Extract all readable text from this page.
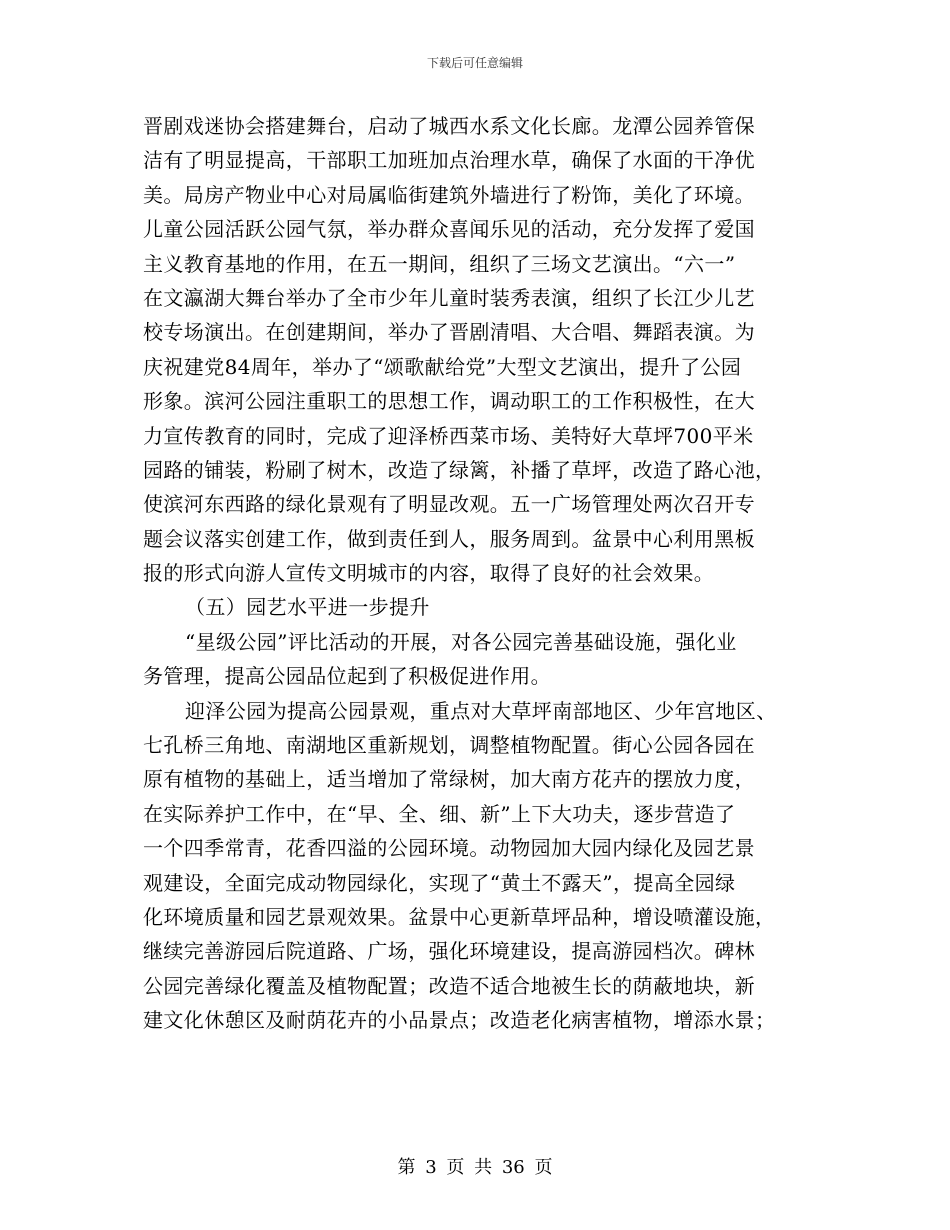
下载后可任意编辑
晋剧戏迷协会搭建舞台，启动了城西水系文化长廊。龙潭公园养管保
洁有了明显提高，干部职工加班加点治理水草，确保了水面的干净优
美。局房产物业中心对局属临街建筑外墙进行了粉饰，美化了环境。
儿童公园活跃公园气氛，举办群众喜闻乐见的活动，充分发挥了爱国
主义教育基地的作用，在五一期间，组织了三场文艺演出。“六一”
在文瀛湖大舞台举办了全市少年儿童时装秀表演，组织了长江少儿艺
校专场演出。在创建期间，举办了晋剧清唱、大合唱、舞蹈表演。为
庆祝建党84周年，举办了“颂歌献给党”大型文艺演出，提升了公园
形象。滨河公园注重职工的思想工作，调动职工的工作积极性，在大
力宣传教育的同时，完成了迎泽桥西菜市场、美特好大草坪700平米
园路的铺装，粉刷了树木，改造了绿篱，补播了草坪，改造了路心池，
使滨河东西路的绿化景观有了明显改观。五一广场管理处两次召开专
题会议落实创建工作，做到责任到人，服务周到。盆景中心利用黑板
报的形式向游人宣传文明城市的内容，取得了良好的社会效果。
（五）园艺水平进一步提升
“星级公园”评比活动的开展，对各公园完善基础设施，强化业
务管理，提高公园品位起到了积极促进作用。
迎泽公园为提高公园景观，重点对大草坪南部地区、少年宫地区、
七孔桥三角地、南湖地区重新规划，调整植物配置。街心公园各园在
原有植物的基础上，适当增加了常绿树，加大南方花卉的摆放力度，
在实际养护工作中，在“早、全、细、新”上下大功夫，逐步营造了
一个四季常青，花香四溢的公园环境。动物园加大园内绿化及园艺景
观建设，全面完成动物园绿化，实现了“黄土不露天”，提高全园绿
化环境质量和园艺景观效果。盆景中心更新草坪品种，增设喷灌设施，
继续完善游园后院道路、广场，强化环境建设，提高游园档次。碑林
公园完善绿化覆盖及植物配置；改造不适合地被生长的荫蔽地块，新
建文化休憩区及耐荫花卉的小品景点；改造老化病害植物，增添水景；
第 3 页 共 36 页
